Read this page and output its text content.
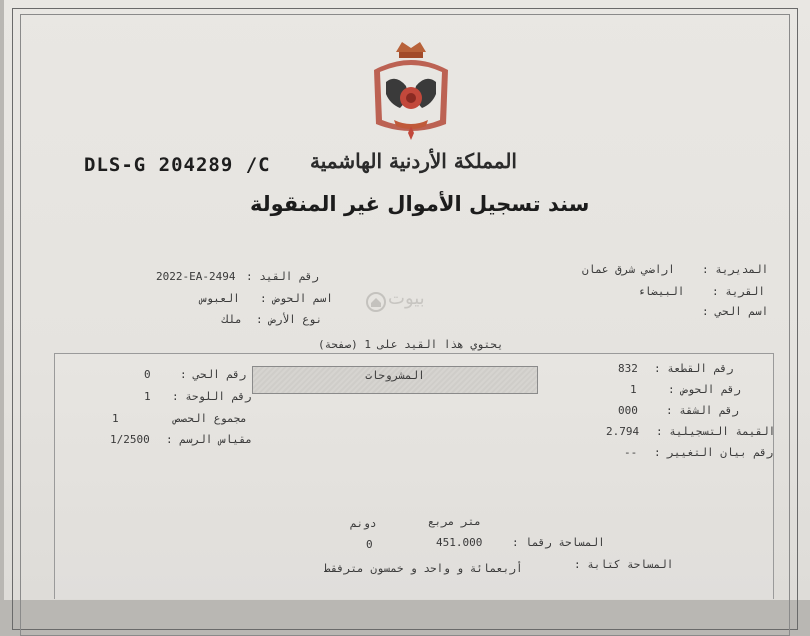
DLS-G 204289 /C المملكة الأردنية الهاشمية
سند تسجيل الأموال غير المنقولة
رقم القيد :
2022-EA-2494
اسم الحوض :
العبوس
نوع الأرض :
ملك
المديرية :
اراضي شرق عمان
القرية :
البيضاء
اسم الحي :
بيوت
يحتوي هذا القيد على 1 (صفحة)
المشروحات
رقم القطعة :
832
رقم الحوض :
1
رقم الشقة :
000
القيمة التسجيلية :
2.794
رقم بيان التغيير :
--
رقم الحي :
0
رقم اللوحة :
1
مجموع الحصص
1
مقياس الرسم :
1/2500
متر مربع
دونم
المساحة رقما :
451.000
0
المساحة كتابة :
أربعمائة و واحد و خمسون مترفقط
